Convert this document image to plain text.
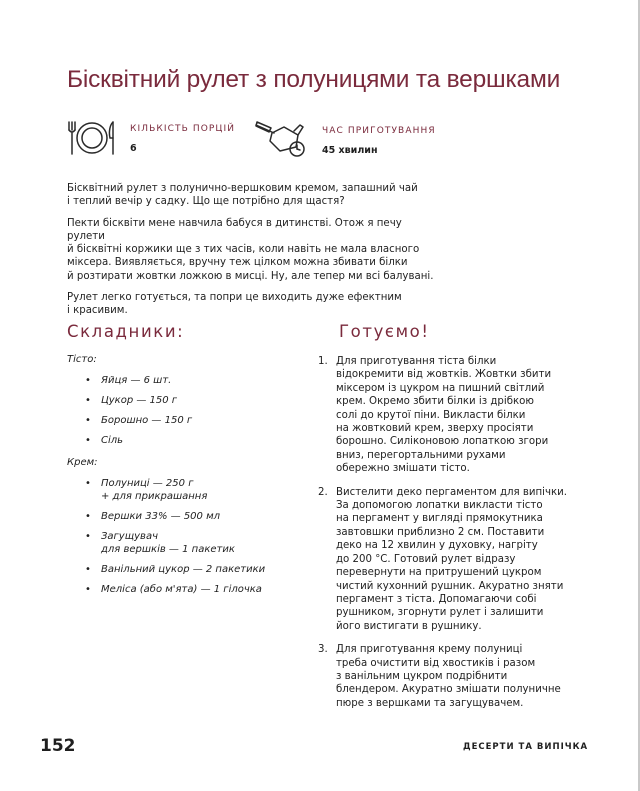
Бісквітний рулет з полуницями та вершками
КІЛЬКІСТЬ ПОРЦІЙ
6
ЧАС ПРИГОТУВАННЯ
45 хвилин

Бісквітний рулет з полунично-вершковим кремом, запашний чай
і теплий вечір у садку. Що ще потрібно для щастя?

Пекти бісквіти мене навчила бабуся в дитинстві. Отож я печу рулети
й бісквітні коржики ще з тих часів, коли навіть не мала власного
міксера. Виявляється, вручну теж цілком можна збивати білки
й розтирати жовтки ложкою в мисці. Ну, але тепер ми всі балувані.

Рулет легко готується, та попри це виходить дуже ефектним
і красивим.

Складники:

Тісто:

• Яйця — 6 шт.
• Цукор — 150 г
• Борошно — 150 г
• Сіль

Крем:

• Полуниці — 250 г
+ для прикрашання
• Вершки 33% — 500 мл
• Загущувач
для вершків — 1 пакетик
• Ванільний цукор — 2 пакетики
• Меліса (або м'ята) — 1 гілочка
Готуємо!
1. Для приготування тіста білки
відокремити від жовтків. Жовтки збити
міксером із цукром на пишний світлий
крем. Окремо збити білки із дрібкою
солі до крутої піни. Викласти білки
на жовтковий крем, зверху просіяти
борошно. Силіконовою лопаткою згори
вниз, перегортальними рухами
обережно змішати тісто.
2. Вистелити деко пергаментом для випічки.
За допомогою лопатки викласти тісто
на пергамент у вигляді прямокутника
завтовшки приблизно 2 см. Поставити
деко на 12 хвилин у духовку, нагріту
до 200 °С. Готовий рулет відразу
перевернути на притрушений цукром
чистий кухонний рушник. Акуратно зняти
пергамент з тіста. Допомагаючи собі
рушником, згорнути рулет і залишити
його вистигати в рушнику.
3. Для приготування крему полуниці
треба очистити від хвостиків і разом
з ванільним цукром подрібнити
блендером. Акуратно змішати полуничне
пюре з вершками та загущувачем.

152	ДЕСЕРТИ ТА ВИПІЧКА
